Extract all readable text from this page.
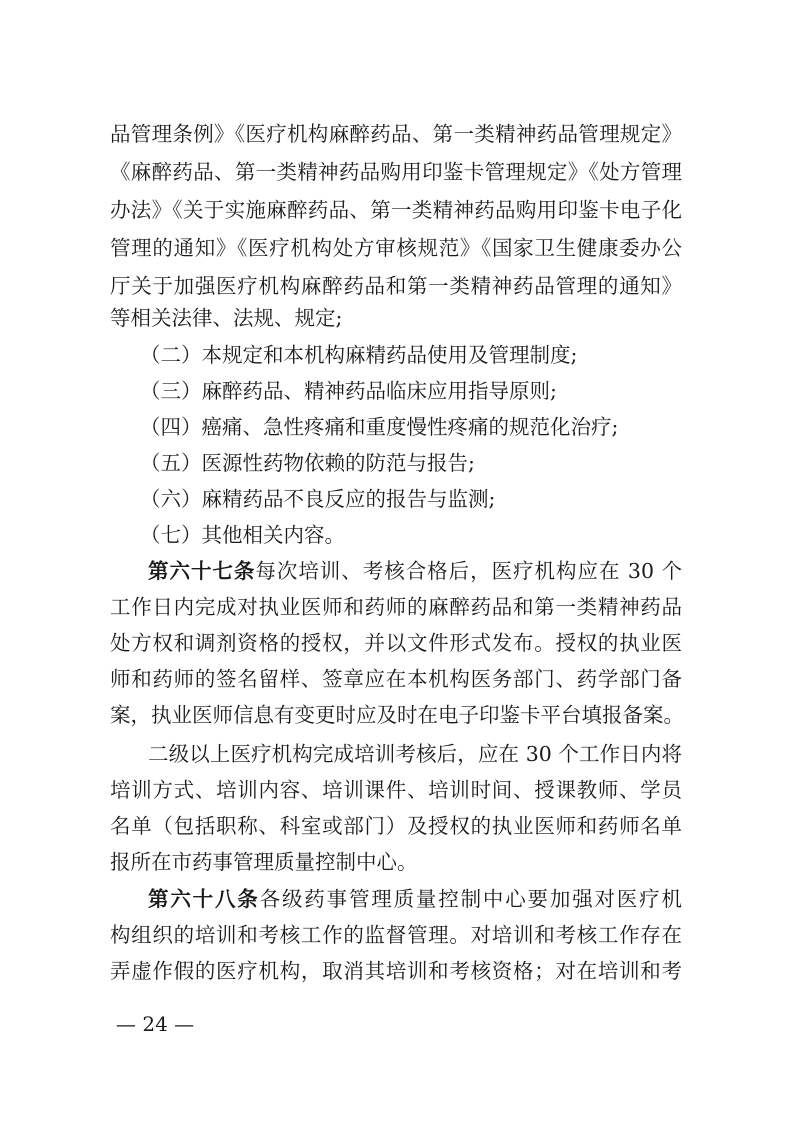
品管理条例》《医疗机构麻醉药品、第一类精神药品管理规定》
《麻醉药品、第一类精神药品购用印鉴卡管理规定》《处方管理
办法》《关于实施麻醉药品、第一类精神药品购用印鉴卡电子化
管理的通知》《医疗机构处方审核规范》《国家卫生健康委办公
厅关于加强医疗机构麻醉药品和第一类精神药品管理的通知》
等相关法律、法规、规定;
（二）本规定和本机构麻精药品使用及管理制度;
（三）麻醉药品、精神药品临床应用指导原则;
（四）癌痛、急性疼痛和重度慢性疼痛的规范化治疗;
（五）医源性药物依赖的防范与报告;
（六）麻精药品不良反应的报告与监测;
（七）其他相关内容。
第六十七条每次培训、考核合格后，医疗机构应在 30 个
工作日内完成对执业医师和药师的麻醉药品和第一类精神药品
处方权和调剂资格的授权，并以文件形式发布。授权的执业医
师和药师的签名留样、签章应在本机构医务部门、药学部门备
案，执业医师信息有变更时应及时在电子印鉴卡平台填报备案。
二级以上医疗机构完成培训考核后，应在 30 个工作日内将
培训方式、培训内容、培训课件、培训时间、授课教师、学员
名单（包括职称、科室或部门）及授权的执业医师和药师名单
报所在市药事管理质量控制中心。
第六十八条各级药事管理质量控制中心要加强对医疗机
构组织的培训和考核工作的监督管理。对培训和考核工作存在
弄虚作假的医疗机构，取消其培训和考核资格；对在培训和考
— 24 —
